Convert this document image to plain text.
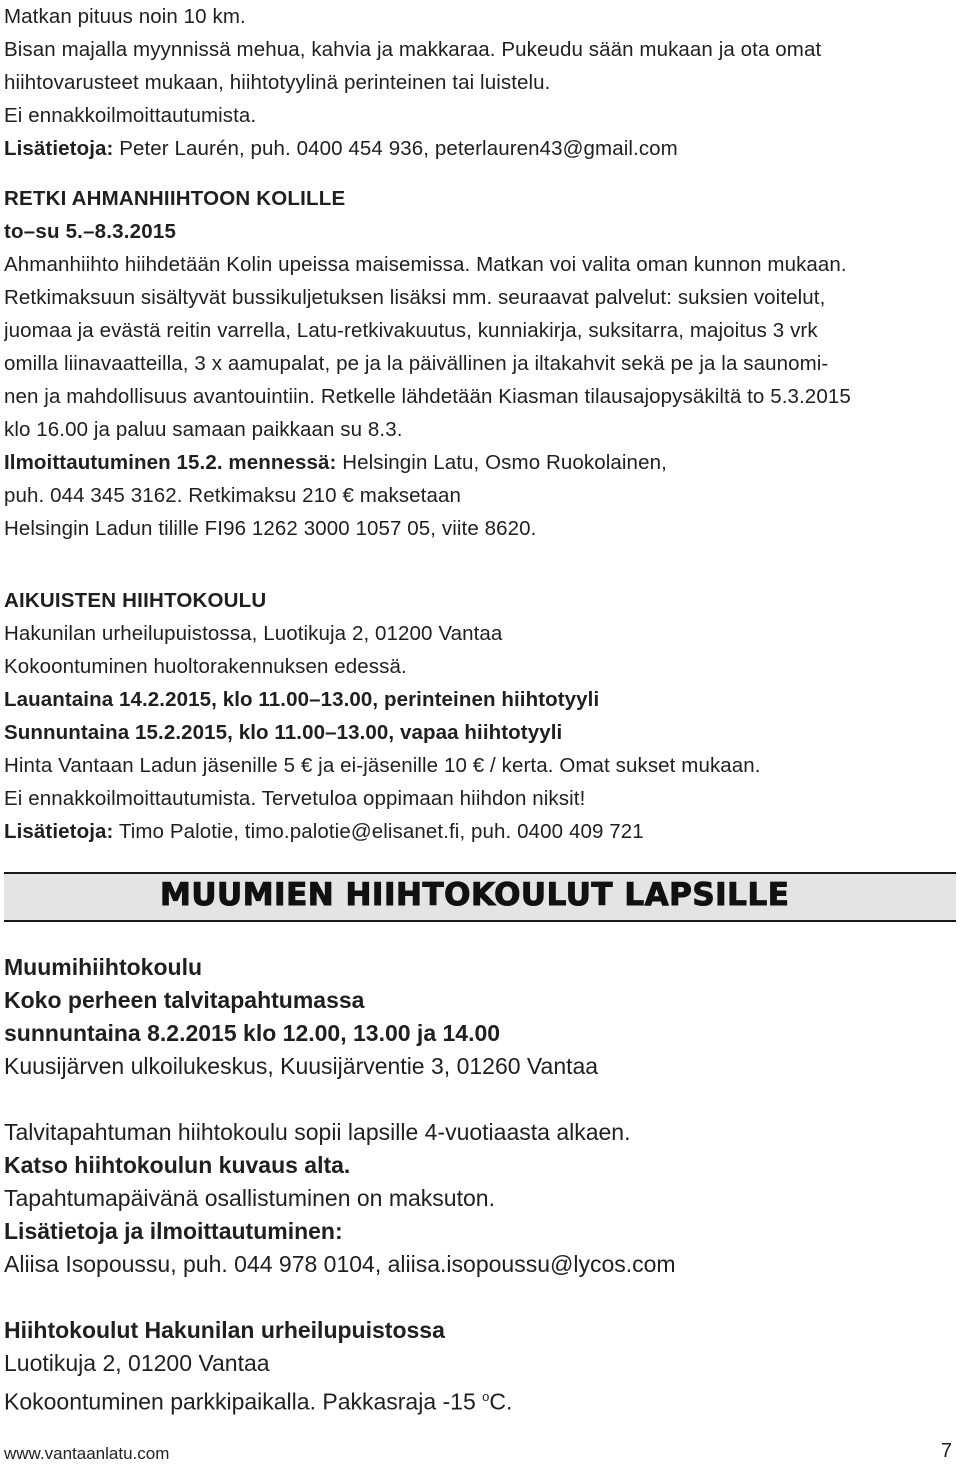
Matkan pituus noin 10 km.
Bisan majalla myynnissä mehua, kahvia ja makkaraa. Pukeudu sään mukaan ja ota omat
hiihtovarusteet mukaan, hiihtotyylinä perinteinen tai luistelu.
Ei ennakkoilmoittautumista.
Lisätietoja: Peter Laurén, puh. 0400 454 936, peterlauren43@gmail.com
RETKI AHMANHIIHTOON KOLILLE
to–su 5.–8.3.2015
Ahmanhiihto hiihdetään Kolin upeissa maisemissa. Matkan voi valita oman kunnon mukaan.
Retkimaksuun sisältyvät bussikuljetuksen lisäksi mm. seuraavat palvelut: suksien voitelut,
juomaa ja evästä reitin varrella, Latu-retkivakuutus, kunniakirja, suksitarra, majoitus 3 vrk
omilla liinavaatteilla, 3 x aamupalat, pe ja la päivällinen ja iltakahvit sekä pe ja la saunomi-
nen ja mahdollisuus avantouintiin. Retkelle lähdetään Kiasman tilausajopysäkiltä to 5.3.2015
klo 16.00 ja paluu samaan paikkaan su 8.3.
Ilmoittautuminen 15.2. mennessä: Helsingin Latu, Osmo Ruokolainen,
puh. 044 345 3162. Retkimaksu 210 € maksetaan
Helsingin Ladun tilille FI96 1262 3000 1057 05, viite 8620.
AIKUISTEN HIIHTOKOULU
Hakunilan urheilupuistossa, Luotikuja 2, 01200 Vantaa
Kokoontuminen huoltorakennuksen edessä.
Lauantaina 14.2.2015, klo 11.00–13.00, perinteinen hiihtotyyli
Sunnuntaina 15.2.2015, klo 11.00–13.00, vapaa hiihtotyyli
Hinta Vantaan Ladun jäsenille 5 € ja ei-jäsenille 10 € / kerta. Omat sukset mukaan.
Ei ennakkoilmoittautumista. Tervetuloa oppimaan hiihdon niksit!
Lisätietoja: Timo Palotie, timo.palotie@elisanet.fi, puh. 0400 409 721
MUUMIEN HIIHTOKOULUT LAPSILLE
Muumihiihtokoulu
Koko perheen talvitapahtumassa
sunnuntaina 8.2.2015 klo 12.00, 13.00 ja 14.00
Kuusijärven ulkoilukeskus, Kuusijärventie 3, 01260 Vantaa
Talvitapahtuman hiihtokoulu sopii lapsille 4-vuotiaasta alkaen.
Katso hiihtokoulun kuvaus alta.
Tapahtumapäivänä osallistuminen on maksuton.
Lisätietoja ja ilmoittautuminen:
Aliisa Isopoussu, puh. 044 978 0104, aliisa.isopoussu@lycos.com
Hiihtokoulut Hakunilan urheilupuistossa
Luotikuja 2, 01200 Vantaa
Kokoontuminen parkkipaikalla. Pakkasraja -15 $^o$C.
www.vantaanlatu.com	7
